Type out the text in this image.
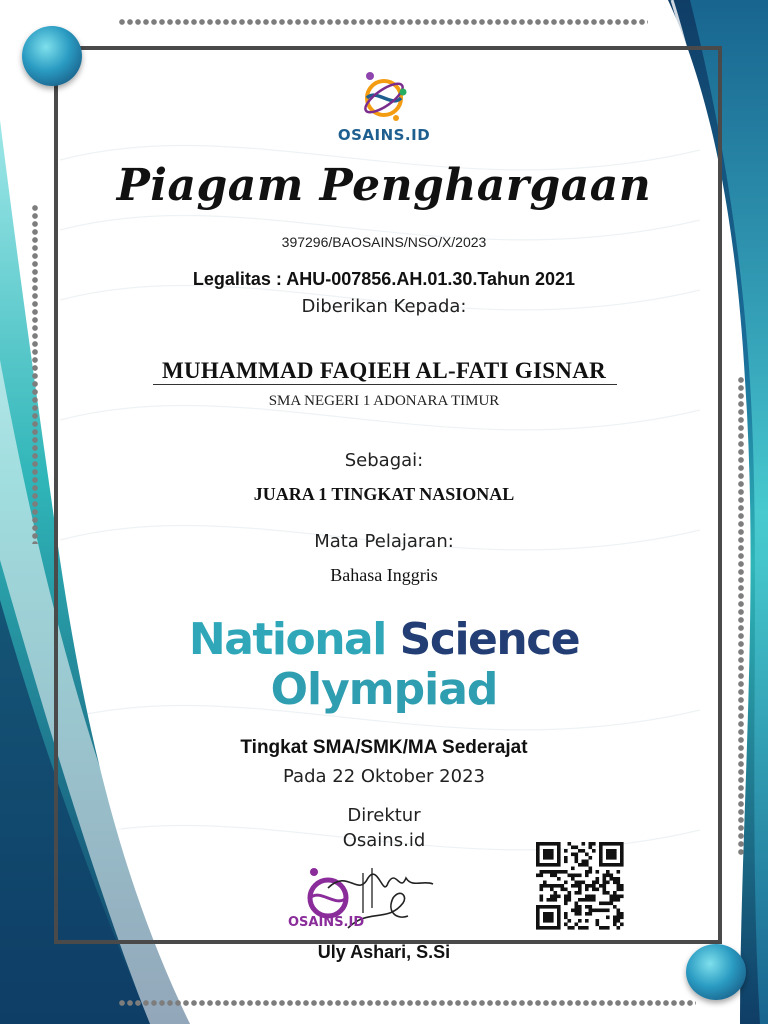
OSAINS.ID
Piagam Penghargaan
397296/BAOSAINS/NSO/X/2023
Legalitas : AHU-007856.AH.01.30.Tahun 2021
Diberikan Kepada:
MUHAMMAD FAQIEH AL-FATI GISNAR
SMA NEGERI 1 ADONARA TIMUR
Sebagai:
JUARA 1 TINGKAT NASIONAL
Mata Pelajaran:
Bahasa Inggris
National Science
Olympiad
Tingkat SMA/SMK/MA Sederajat
Pada 22 Oktober 2023
Direktur
Osains.id
OSAINS.ID
Uly Ashari, S.Si
